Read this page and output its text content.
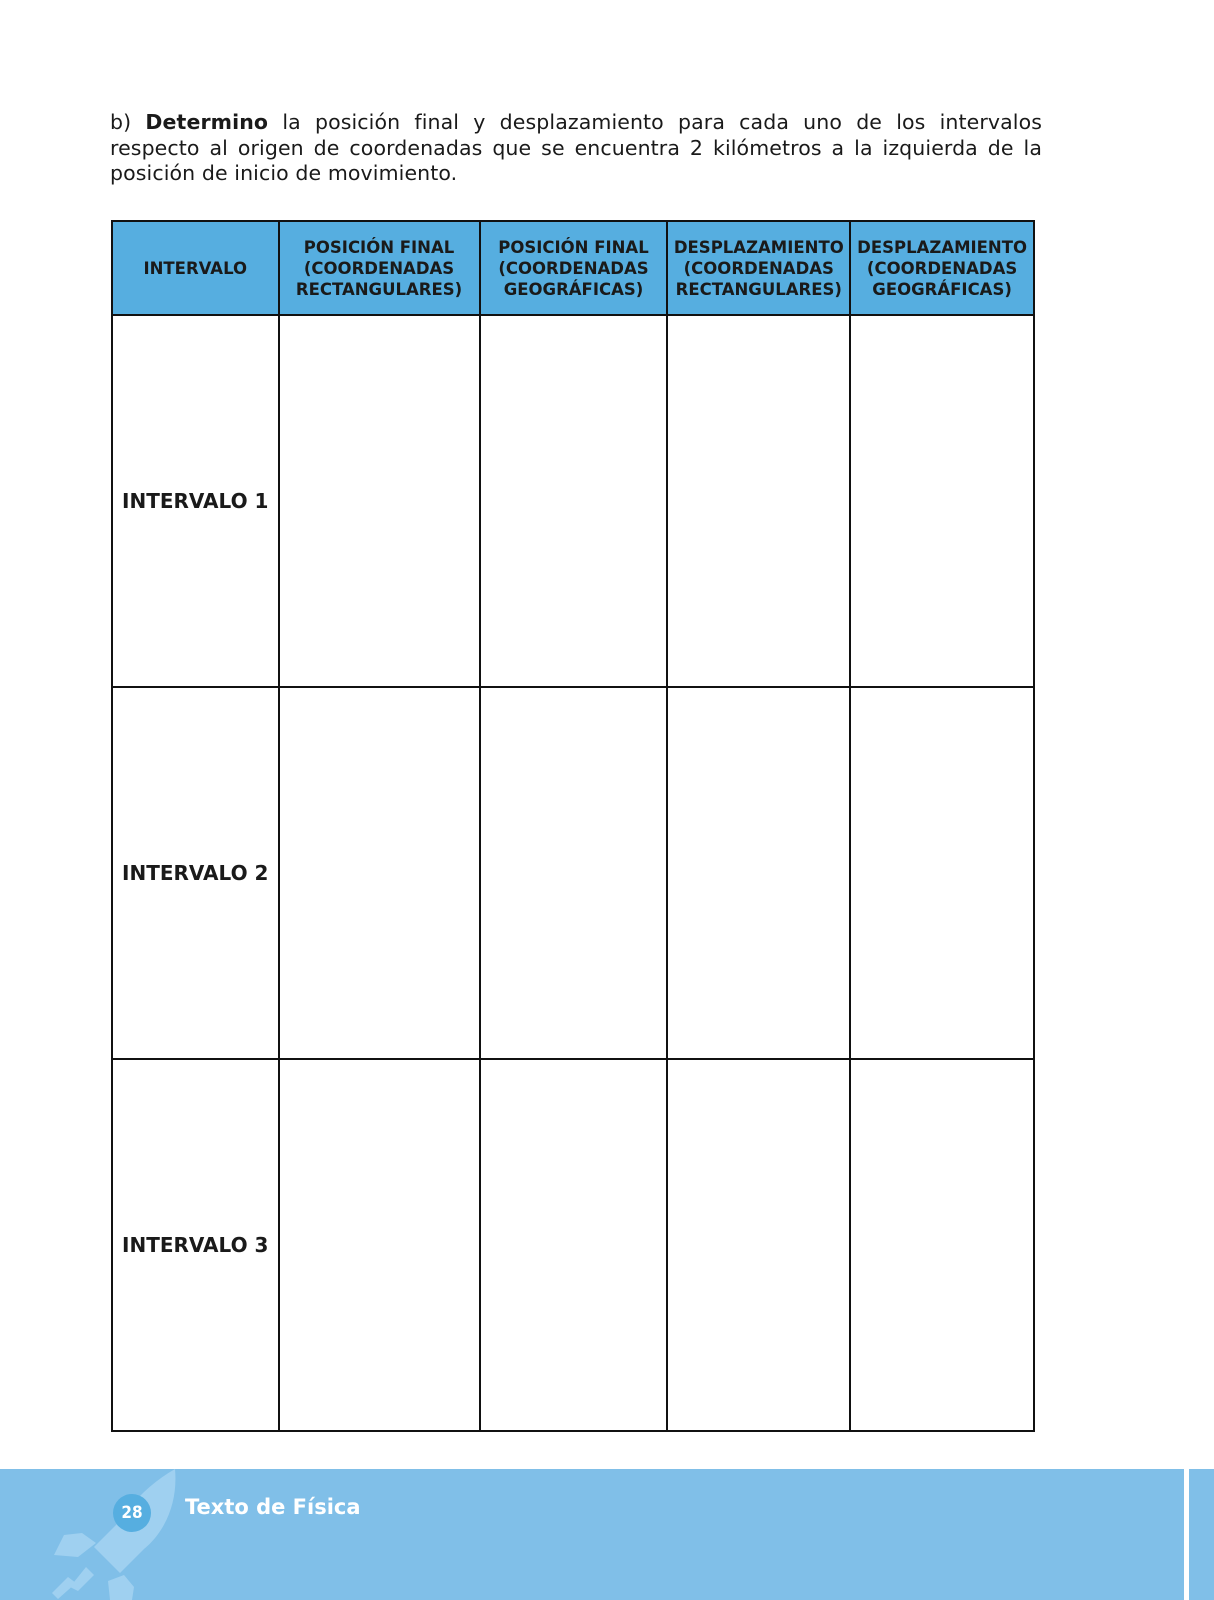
b) Determino la posición final y desplazamiento para cada uno de los intervalos respecto al origen de coordenadas que se encuentra 2 kilómetros a la izquierda de la posición de inicio de movimiento.

INTERVALO	POSICIÓN FINAL (COORDENADAS RECTANGULARES)	POSICIÓN FINAL (COORDENADAS GEOGRÁFICAS)	DESPLAZAMIENTO (COORDENADAS RECTANGULARES)	DESPLAZAMIENTO (COORDENADAS GEOGRÁFICAS)
INTERVALO 1				
INTERVALO 2				
INTERVALO 3				
28	Texto de Física
